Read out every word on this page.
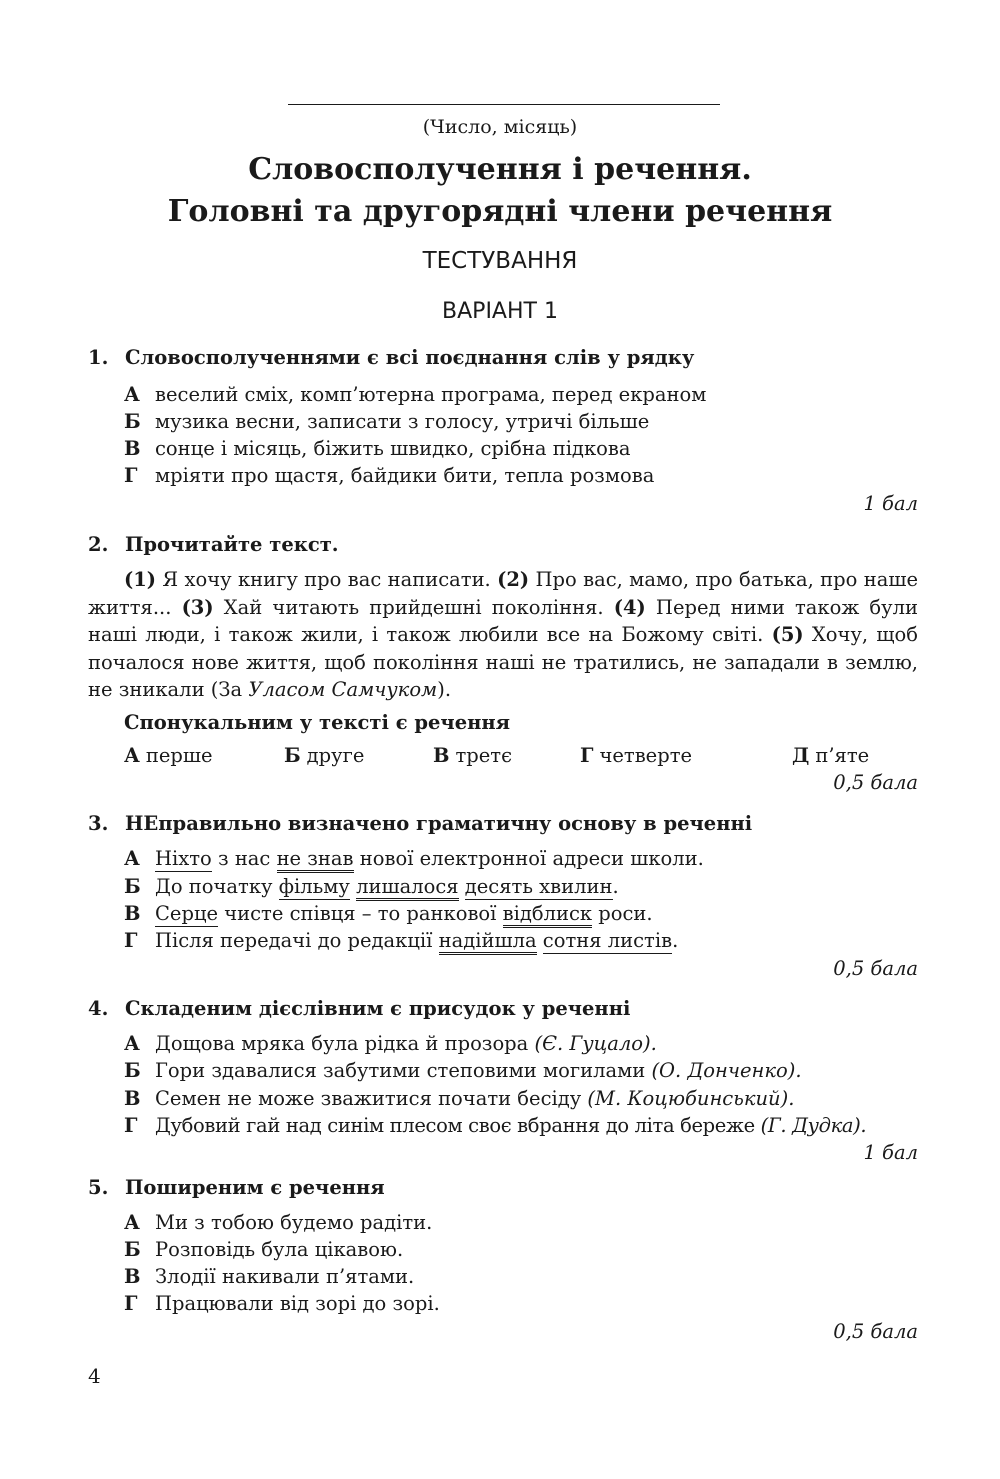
(Число, місяць)
Словосполучення і речення.
Головні та другорядні члени речення
ТЕСТУВАННЯ
ВАРІАНТ 1
1. Словосполученнями є всі поєднання слів у рядку
А веселий сміх, комп’ютерна програма, перед екраном
Б музика весни, записати з голосу, утричі більше
В сонце і місяць, біжить швидко, срібна підкова
Г мріяти про щастя, байдики бити, тепла розмова
1 бал
2. Прочитайте текст.
(1) Я хочу книгу про вас написати. (2) Про вас, мамо, про батька, про наше життя... (3) Хай читають прийдешні покоління. (4) Перед ними також були наші люди, і також жили, і також любили все на Божому світі. (5) Хочу, щоб почалося нове життя, щоб покоління наші не тратились, не западали в землю, не зникали (За Уласом Самчуком).
Спонукальним у тексті є речення
А перше	Б друге	В третє	Г четверте	Д п’яте
0,5 бала
3. НЕправильно визначено граматичну основу в реченні
А Ніхто з нас не знав нової електронної адреси школи.
Б До початку фільму лишалося десять хвилин.
В Серце чисте співця – то ранкової відблиск роси.
Г Після передачі до редакції надійшла сотня листів.
0,5 бала
4. Складеним дієслівним є присудок у реченні
А Дощова мряка була рідка й прозора (Є. Гуцало).
Б Гори здавалися забутими степовими могилами (О. Донченко).
В Семен не може зважитися почати бесіду (М. Коцюбинський).
Г Дубовий гай над синім плесом своє вбрання до літа береже (Г. Дудка).
1 бал
5. Поширеним є речення
А Ми з тобою будемо радіти.
Б Розповідь була цікавою.
В Злодії накивали п’ятами.
Г Працювали від зорі до зорі.
0,5 бала
4
